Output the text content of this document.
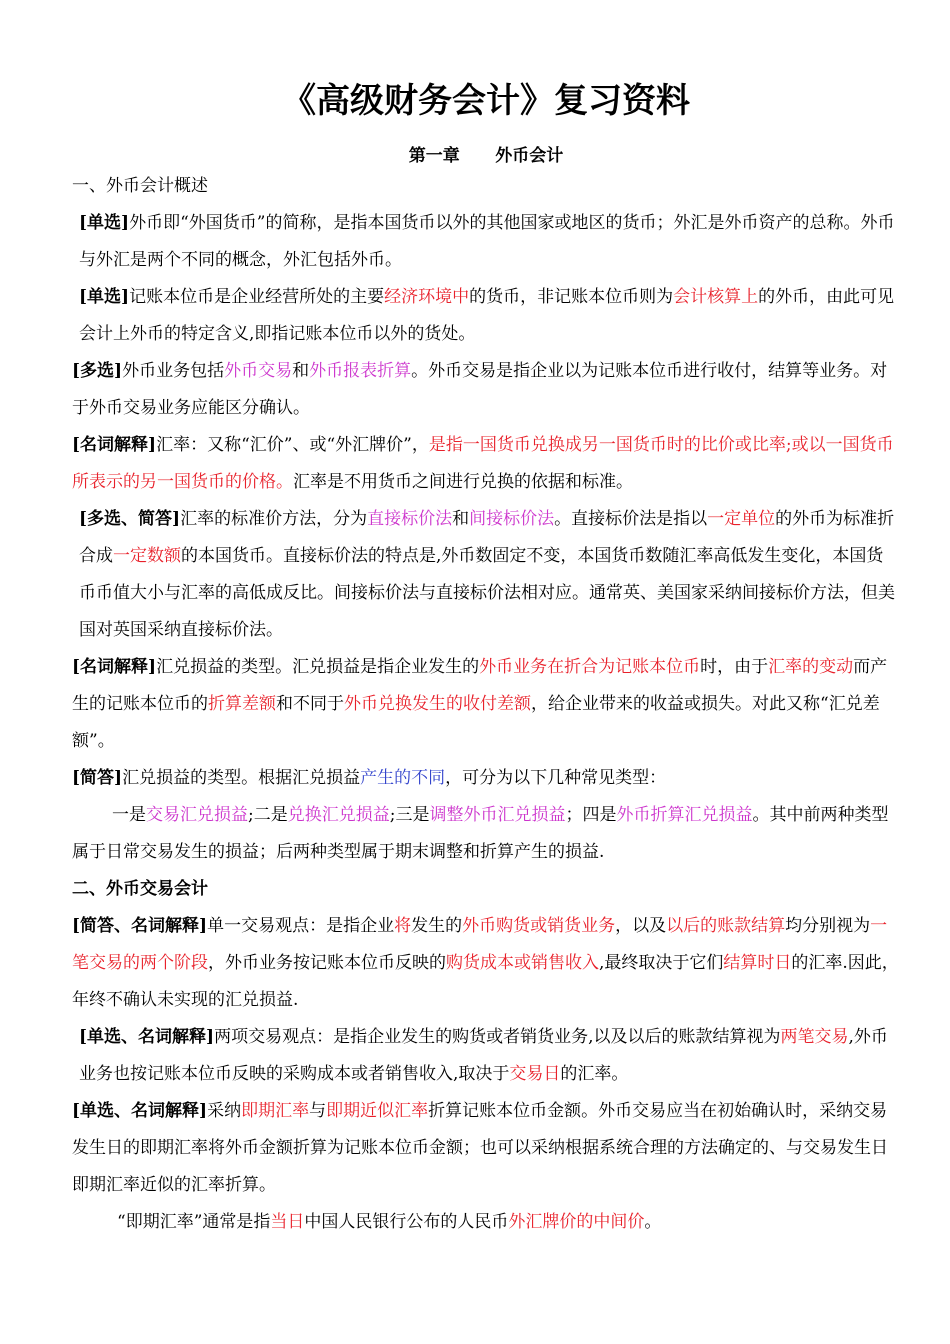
《高级财务会计》复习资料
第一章      外币会计

一、外币会计概述

[单选]外币即“外国货币”的简称，是指本国货币以外的其他国家或地区的货币；外汇是外币资产的总称。外币与外汇是两个不同的概念，外汇包括外币。

[单选]记账本位币是企业经营所处的主要经济环境中的货币，非记账本位币则为会计核算上的外币，由此可见会计上外币的特定含义,即指记账本位币以外的货处。

[多选]外币业务包括外币交易和外币报表折算。外币交易是指企业以为记账本位币进行收付，结算等业务。对于外币交易业务应能区分确认。

[名词解释]汇率：又称“汇价”、或“外汇牌价”，是指一国货币兑换成另一国货币时的比价或比率;或以一国货币所表示的另一国货币的价格。汇率是不用货币之间进行兑换的依据和标准。

[多选、简答]汇率的标准价方法，分为直接标价法和间接标价法。直接标价法是指以一定单位的外币为标准折合成一定数额的本国货币。直接标价法的特点是,外币数固定不变，本国货币数随汇率高低发生变化，本国货币币值大小与汇率的高低成反比。间接标价法与直接标价法相对应。通常英、美国家采纳间接标价方法，但美国对英国采纳直接标价法。

[名词解释]汇兑损益的类型。汇兑损益是指企业发生的外币业务在折合为记账本位币时，由于汇率的变动而产生的记账本位币的折算差额和不同于外币兑换发生的收付差额，给企业带来的收益或损失。对此又称“汇兑差额”。

[简答]汇兑损益的类型。根据汇兑损益产生的不同，可分为以下几种常见类型：

一是交易汇兑损益;二是兑换汇兑损益;三是调整外币汇兑损益；四是外币折算汇兑损益。其中前两种类型属于日常交易发生的损益；后两种类型属于期末调整和折算产生的损益.

二、外币交易会计

[简答、名词解释]单一交易观点：是指企业将发生的外币购货或销货业务，以及以后的账款结算均分别视为一笔交易的两个阶段，外币业务按记账本位币反映的购货成本或销售收入,最终取决于它们结算时日的汇率.因此，年终不确认未实现的汇兑损益.

[单选、名词解释]两项交易观点：是指企业发生的购货或者销货业务,以及以后的账款结算视为两笔交易,外币业务也按记账本位币反映的采购成本或者销售收入,取决于交易日的汇率。

[单选、名词解释]采纳即期汇率与即期近似汇率折算记账本位币金额。外币交易应当在初始确认时，采纳交易发生日的即期汇率将外币金额折算为记账本位币金额；也可以采纳根据系统合理的方法确定的、与交易发生日即期汇率近似的汇率折算。

“即期汇率”通常是指当日中国人民银行公布的人民币外汇牌价的中间价。
